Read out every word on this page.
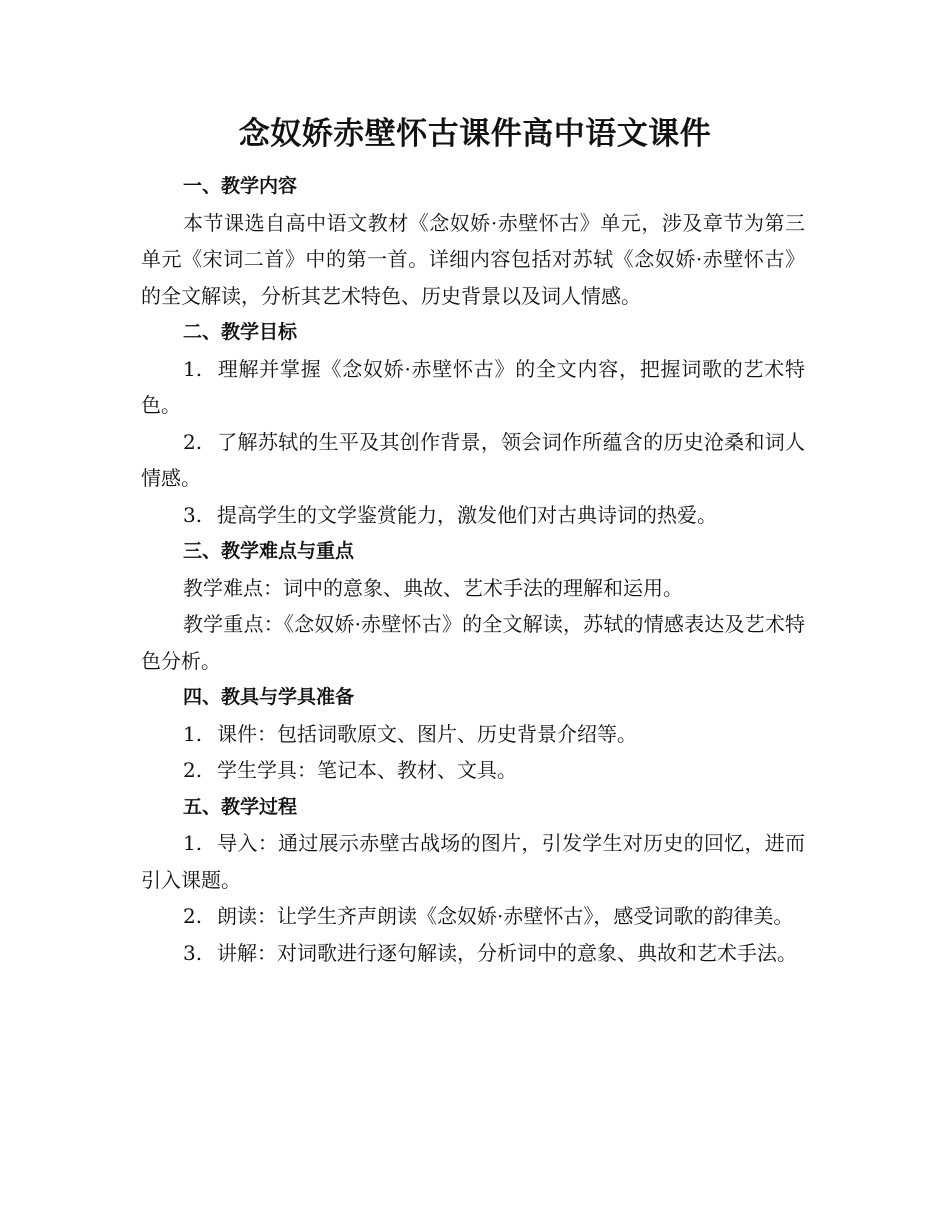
念奴娇赤壁怀古课件高中语文课件

一、教学内容

本节课选自高中语文教材《念奴娇·赤壁怀古》单元，涉及章节为第三单元《宋词二首》中的第一首。详细内容包括对苏轼《念奴娇·赤壁怀古》的全文解读，分析其艺术特色、历史背景以及词人情感。

二、教学目标

1. 理解并掌握《念奴娇·赤壁怀古》的全文内容，把握词歌的艺术特色。

2. 了解苏轼的生平及其创作背景，领会词作所蕴含的历史沧桑和词人情感。

3. 提高学生的文学鉴赏能力，激发他们对古典诗词的热爱。

三、教学难点与重点

教学难点：词中的意象、典故、艺术手法的理解和运用。

教学重点：《念奴娇·赤壁怀古》的全文解读，苏轼的情感表达及艺术特色分析。

四、教具与学具准备

1. 课件：包括词歌原文、图片、历史背景介绍等。

2. 学生学具：笔记本、教材、文具。

五、教学过程

1. 导入：通过展示赤壁古战场的图片，引发学生对历史的回忆，进而引入课题。

2. 朗读：让学生齐声朗读《念奴娇·赤壁怀古》，感受词歌的韵律美。

3. 讲解：对词歌进行逐句解读，分析词中的意象、典故和艺术手法。
